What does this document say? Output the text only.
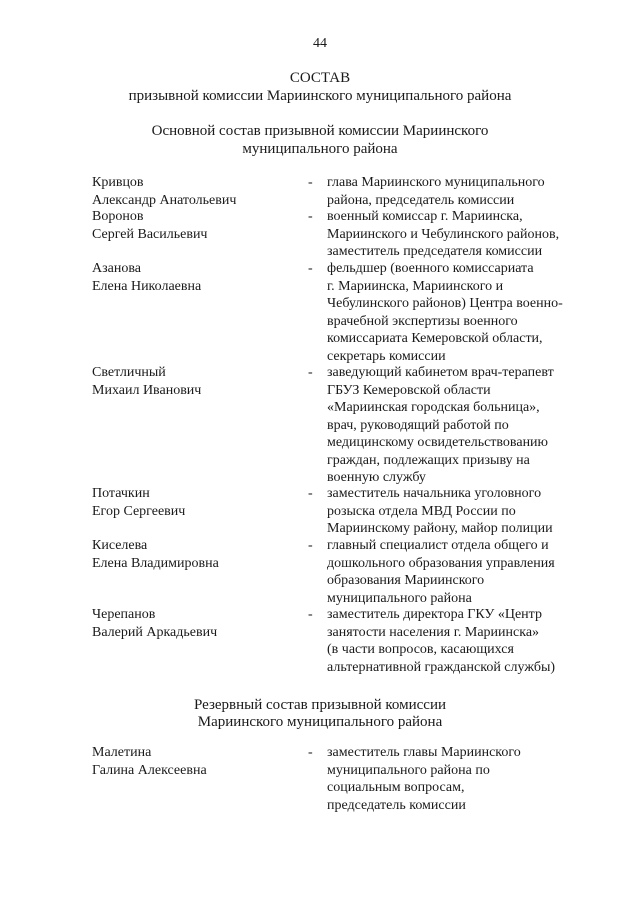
44
СОСТАВ
призывной комиссии Мариинского муниципального района
Основной состав призывной комиссии Мариинского
муниципального района
Кривцов
Александр Анатольевич
- глава Мариинского муниципального
района, председатель комиссии
Воронов
Сергей Васильевич
- военный комиссар г. Мариинска,
Мариинского и Чебулинского районов,
заместитель председателя комиссии
Азанова
Елена Николаевна
- фельдшер (военного комиссариата
г. Мариинска, Мариинского и
Чебулинского районов) Центра военно-
врачебной экспертизы военного
комиссариата Кемеровской области,
секретарь комиссии
Светличный
Михаил Иванович
- заведующий кабинетом врач-терапевт
ГБУЗ Кемеровской области
«Мариинская городская больница»,
врач, руководящий работой по
медицинскому освидетельствованию
граждан, подлежащих призыву на
военную службу
Потачкин
Егор Сергеевич
- заместитель начальника уголовного
розыска отдела МВД России по
Мариинскому району, майор полиции
Киселева
Елена Владимировна
- главный специалист отдела общего и
дошкольного образования управления
образования Мариинского
муниципального района
Черепанов
Валерий Аркадьевич
- заместитель директора ГКУ «Центр
занятости населения г. Мариинска»
(в части вопросов, касающихся
альтернативной гражданской службы)
Резервный состав призывной комиссии
Мариинского муниципального района
Малетина
Галина Алексеевна
- заместитель главы Мариинского
муниципального района по
социальным вопросам,
председатель комиссии
